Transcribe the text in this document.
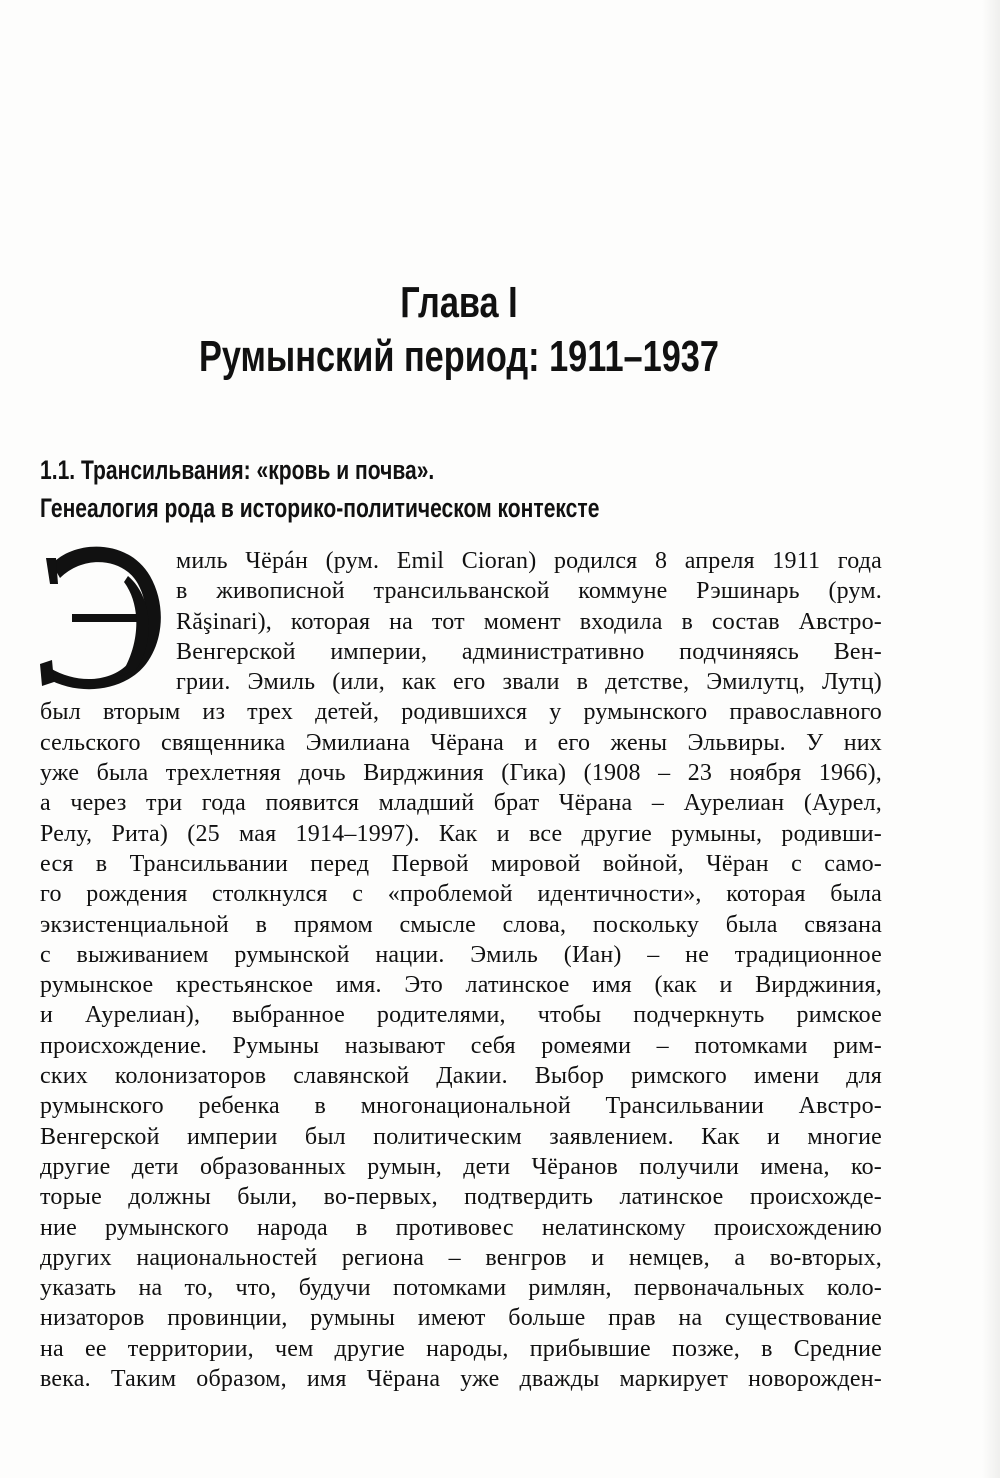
Глава I
Румынский период: 1911–1937
1.1. Трансильвания: «кровь и почва».
Генеалогия рода в историко-политическом контексте
миль Чёрáн (рум. Emil Cioran) родился 8 апреля 1911 года
в живописной трансильванской коммуне Рэшинарь (рум.
Răşinari), которая на тот момент входила в состав Австро-
Венгерской империи, административно подчиняясь Вен-
грии. Эмиль (или, как его звали в детстве, Эмилутц, Лутц)
был вторым из трех детей, родившихся у румынского православного
сельского священника Эмилиана Чёрана и его жены Эльвиры. У них
уже была трехлетняя дочь Вирджиния (Гика) (1908 – 23 ноября 1966),
а через три года появится младший брат Чёрана – Аурелиан (Аурел,
Релу, Рита) (25 мая 1914–1997). Как и все другие румыны, родивши-
еся в Трансильвании перед Первой мировой войной, Чёран с само-
го рождения столкнулся с «проблемой идентичности», которая была
экзистенциальной в прямом смысле слова, поскольку была связана
с выживанием румынской нации. Эмиль (Иан) – не традиционное
румынское крестьянское имя. Это латинское имя (как и Вирджиния,
и Аурелиан), выбранное родителями, чтобы подчеркнуть римское
происхождение. Румыны называют себя ромеями – потомками рим-
ских колонизаторов славянской Дакии. Выбор римского имени для
румынского ребенка в многонациональной Трансильвании Австро-
Венгерской империи был политическим заявлением. Как и многие
другие дети образованных румын, дети Чёранов получили имена, ко-
торые должны были, во-первых, подтвердить латинское происхожде-
ние румынского народа в противовес нелатинскому происхождению
других национальностей региона – венгров и немцев, а во-вторых,
указать на то, что, будучи потомками римлян, первоначальных коло-
низаторов провинции, румыны имеют больше прав на существование
на ее территории, чем другие народы, прибывшие позже, в Средние
века. Таким образом, имя Чёрана уже дважды маркирует новорожден-
